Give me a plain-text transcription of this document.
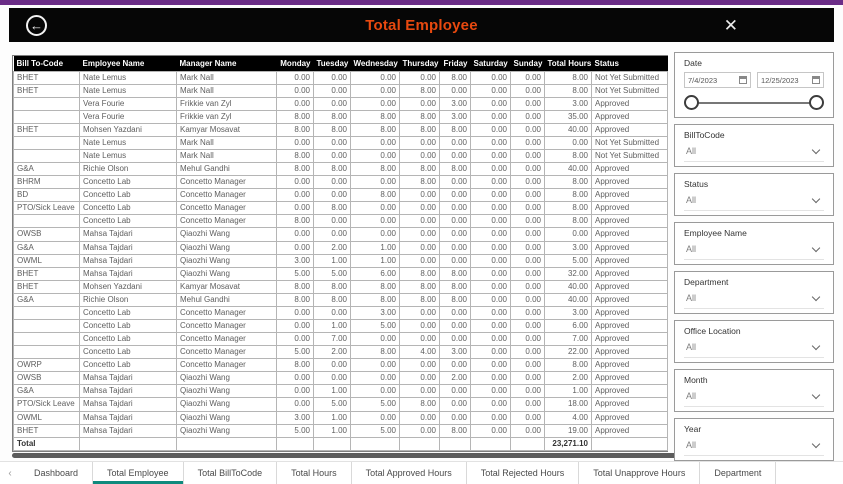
←	Total Employee	✕
Bill To-Code	Employee Name	Manager Name	Monday	Tuesday	Wednesday	Thursday	Friday	Saturday	Sunday	Total Hours	Status
BHET	Nate Lemus	Mark Nall	0.00	0.00	0.00	0.00	8.00	0.00	0.00	8.00	Not Yet Submitted
BHET	Nate Lemus	Mark Nall	0.00	0.00	0.00	8.00	0.00	0.00	0.00	8.00	Not Yet Submitted
	Vera Fourie	Frikkie van Zyl	0.00	0.00	0.00	0.00	3.00	0.00	0.00	3.00	Approved
	Vera Fourie	Frikkie van Zyl	8.00	8.00	8.00	8.00	3.00	0.00	0.00	35.00	Approved
BHET	Mohsen Yazdani	Kamyar Mosavat	8.00	8.00	8.00	8.00	8.00	0.00	0.00	40.00	Approved
	Nate Lemus	Mark Nall	0.00	0.00	0.00	0.00	0.00	0.00	0.00	0.00	Not Yet Submitted
	Nate Lemus	Mark Nall	8.00	0.00	0.00	0.00	0.00	0.00	0.00	8.00	Not Yet Submitted
G&A	Richie Olson	Mehul Gandhi	8.00	8.00	8.00	8.00	8.00	0.00	0.00	40.00	Approved
BHRM	Concetto Lab	Concetto Manager	0.00	0.00	0.00	8.00	0.00	0.00	0.00	8.00	Approved
BD	Concetto Lab	Concetto Manager	0.00	0.00	8.00	0.00	0.00	0.00	0.00	8.00	Approved
PTO/Sick Leave	Concetto Lab	Concetto Manager	0.00	8.00	0.00	0.00	0.00	0.00	0.00	8.00	Approved
	Concetto Lab	Concetto Manager	8.00	0.00	0.00	0.00	0.00	0.00	0.00	8.00	Approved
OWSB	Mahsa Tajdari	Qiaozhi Wang	0.00	0.00	0.00	0.00	0.00	0.00	0.00	0.00	Approved
G&A	Mahsa Tajdari	Qiaozhi Wang	0.00	2.00	1.00	0.00	0.00	0.00	0.00	3.00	Approved
OWML	Mahsa Tajdari	Qiaozhi Wang	3.00	1.00	1.00	0.00	0.00	0.00	0.00	5.00	Approved
BHET	Mahsa Tajdari	Qiaozhi Wang	5.00	5.00	6.00	8.00	8.00	0.00	0.00	32.00	Approved
BHET	Mohsen Yazdani	Kamyar Mosavat	8.00	8.00	8.00	8.00	8.00	0.00	0.00	40.00	Approved
G&A	Richie Olson	Mehul Gandhi	8.00	8.00	8.00	8.00	8.00	0.00	0.00	40.00	Approved
	Concetto Lab	Concetto Manager	0.00	0.00	3.00	0.00	0.00	0.00	0.00	3.00	Approved
	Concetto Lab	Concetto Manager	0.00	1.00	5.00	0.00	0.00	0.00	0.00	6.00	Approved
	Concetto Lab	Concetto Manager	0.00	7.00	0.00	0.00	0.00	0.00	0.00	7.00	Approved
	Concetto Lab	Concetto Manager	5.00	2.00	8.00	4.00	3.00	0.00	0.00	22.00	Approved
OWRP	Concetto Lab	Concetto Manager	8.00	0.00	0.00	0.00	0.00	0.00	0.00	8.00	Approved
OWSB	Mahsa Tajdari	Qiaozhi Wang	0.00	0.00	0.00	0.00	2.00	0.00	0.00	2.00	Approved
G&A	Mahsa Tajdari	Qiaozhi Wang	0.00	1.00	0.00	0.00	0.00	0.00	0.00	1.00	Approved
PTO/Sick Leave	Mahsa Tajdari	Qiaozhi Wang	0.00	5.00	5.00	8.00	0.00	0.00	0.00	18.00	Approved
OWML	Mahsa Tajdari	Qiaozhi Wang	3.00	1.00	0.00	0.00	0.00	0.00	0.00	4.00	Approved
BHET	Mahsa Tajdari	Qiaozhi Wang	5.00	1.00	5.00	0.00	8.00	0.00	0.00	19.00	Approved
Total										23,271.10	
Date
7/4/2023	12/25/2023
BillToCode
All
Status
All
Employee Name
All
Department
All
Office Location
All
Month
All
Year
All
‹	Dashboard	Total Employee	Total BillToCode	Total Hours	Total Approved Hours	Total Rejected Hours	Total Unapprove Hours	Department
